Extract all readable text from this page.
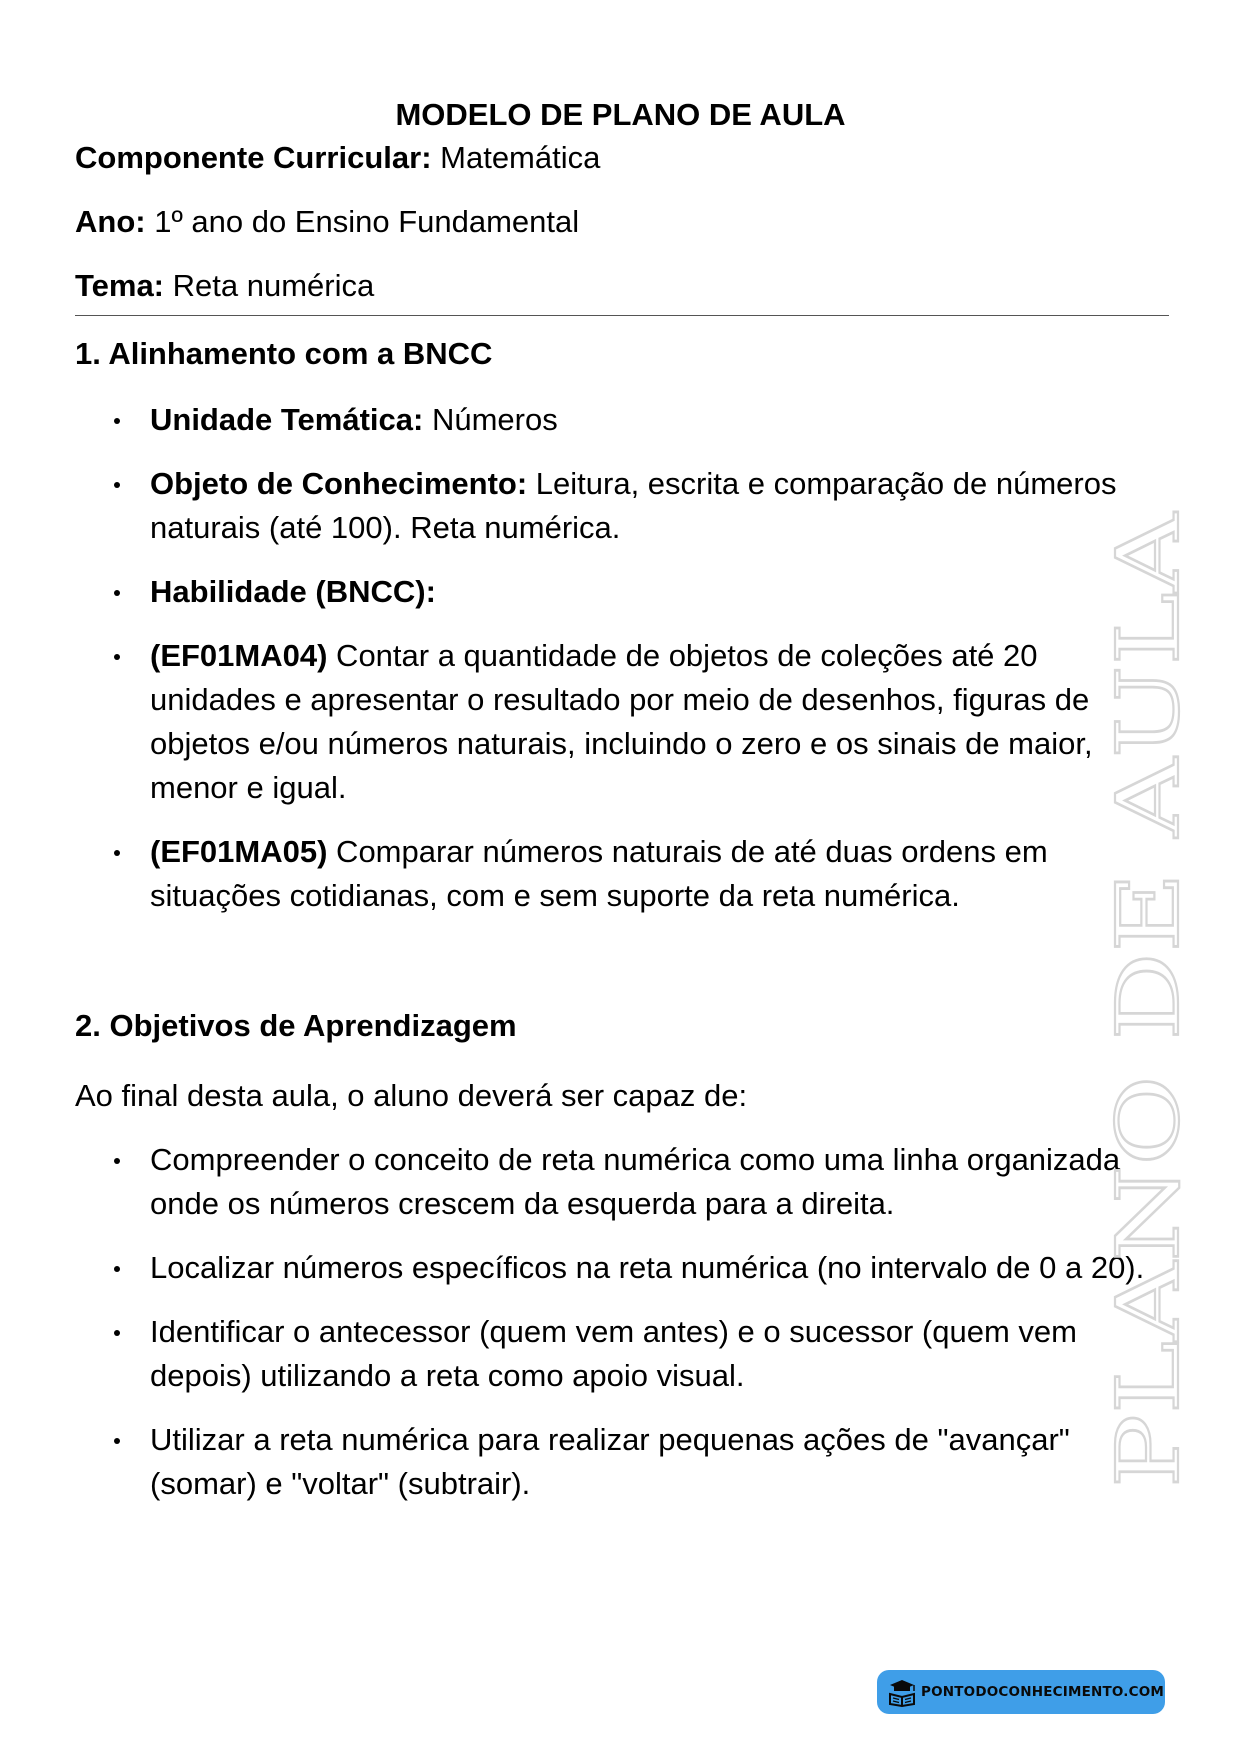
MODELO DE PLANO DE AULA
Componente Curricular: Matemática
Ano: 1º ano do Ensino Fundamental
Tema: Reta numérica
1. Alinhamento com a BNCC
Unidade Temática: Números
Objeto de Conhecimento: Leitura, escrita e comparação de números naturais (até 100). Reta numérica.
Habilidade (BNCC):
(EF01MA04) Contar a quantidade de objetos de coleções até 20 unidades e apresentar o resultado por meio de desenhos, figuras de objetos e/ou números naturais, incluindo o zero e os sinais de maior, menor e igual.
(EF01MA05) Comparar números naturais de até duas ordens em situações cotidianas, com e sem suporte da reta numérica.
2. Objetivos de Aprendizagem

Ao final desta aula, o aluno deverá ser capaz de:

Compreender o conceito de reta numérica como uma linha organizada onde os números crescem da esquerda para a direita.
Localizar números específicos na reta numérica (no intervalo de 0 a 20).
Identificar o antecessor (quem vem antes) e o sucessor (quem vem depois) utilizando a reta como apoio visual.
Utilizar a reta numérica para realizar pequenas ações de "avançar" (somar) e "voltar" (subtrair).	PLANO DE AULA
PONTODOCONHECIMENTO.COM
